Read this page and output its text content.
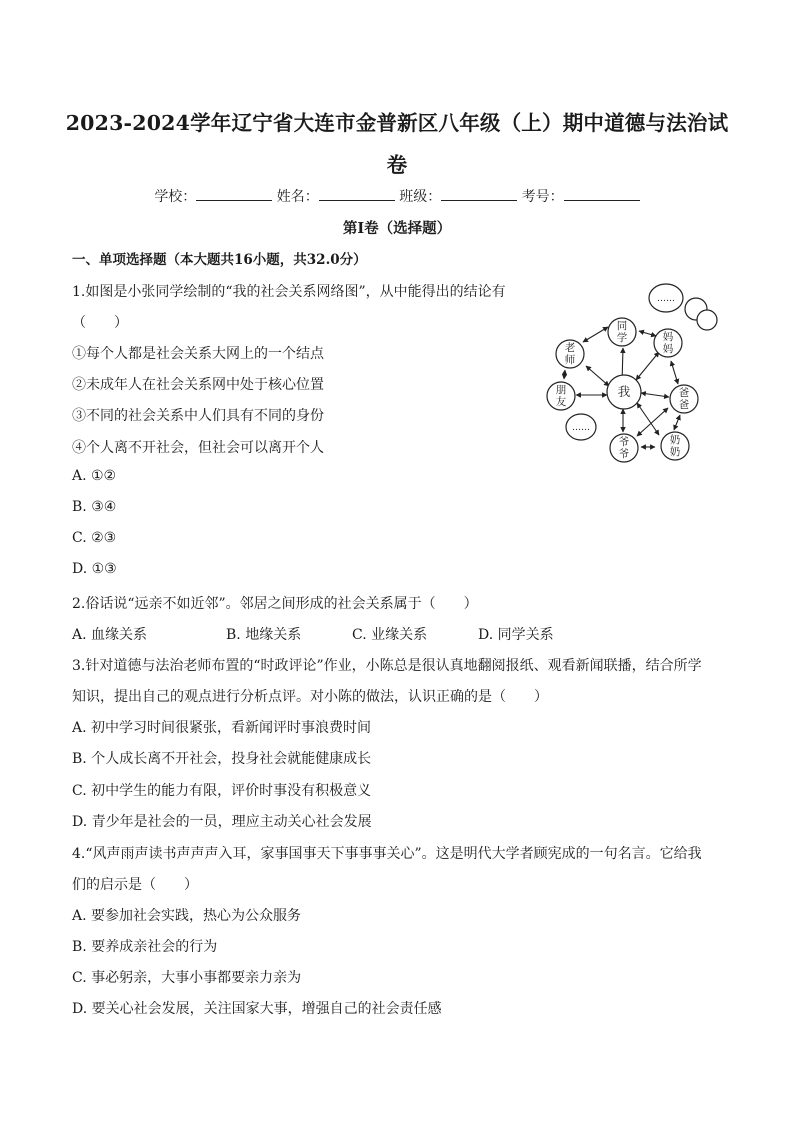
2023-2024学年辽宁省大连市金普新区八年级（上）期中道德与法治试
卷
学校：	姓名：	班级：	考号：
第Ⅰ卷（选择题）
一、单项选择题（本大题共16小题，共32.0分）
1.如图是小张同学绘制的“我的社会关系网络图”，从中能得出的结论有
（　　）
①每个人都是社会关系大网上的一个结点
②未成年人在社会关系网中处于核心位置
③不同的社会关系中人们具有不同的身份
④个人离不开社会，但社会可以离开个人
A. ①②
B. ③④
C. ②③
D. ①③
我
同
学
老
师
妈
妈
朋
友
爸
爸
爷
爷
奶
奶
……
……
2.俗话说“远亲不如近邻”。邻居之间形成的社会关系属于（　　）
A. 血缘关系	B. 地缘关系	C. 业缘关系	D. 同学关系
3.针对道德与法治老师布置的“时政评论”作业，小陈总是很认真地翻阅报纸、观看新闻联播，结合所学
知识，提出自己的观点进行分析点评。对小陈的做法，认识正确的是（　　）
A. 初中学习时间很紧张，看新闻评时事浪费时间
B. 个人成长离不开社会，投身社会就能健康成长
C. 初中学生的能力有限，评价时事没有积极意义
D. 青少年是社会的一员，理应主动关心社会发展
4.“风声雨声读书声声声入耳，家事国事天下事事事关心”。这是明代大学者顾宪成的一句名言。它给我
们的启示是（　　）
A. 要参加社会实践，热心为公众服务
B. 要养成亲社会的行为
C. 事必躬亲，大事小事都要亲力亲为
D. 要关心社会发展，关注国家大事，增强自己的社会责任感
